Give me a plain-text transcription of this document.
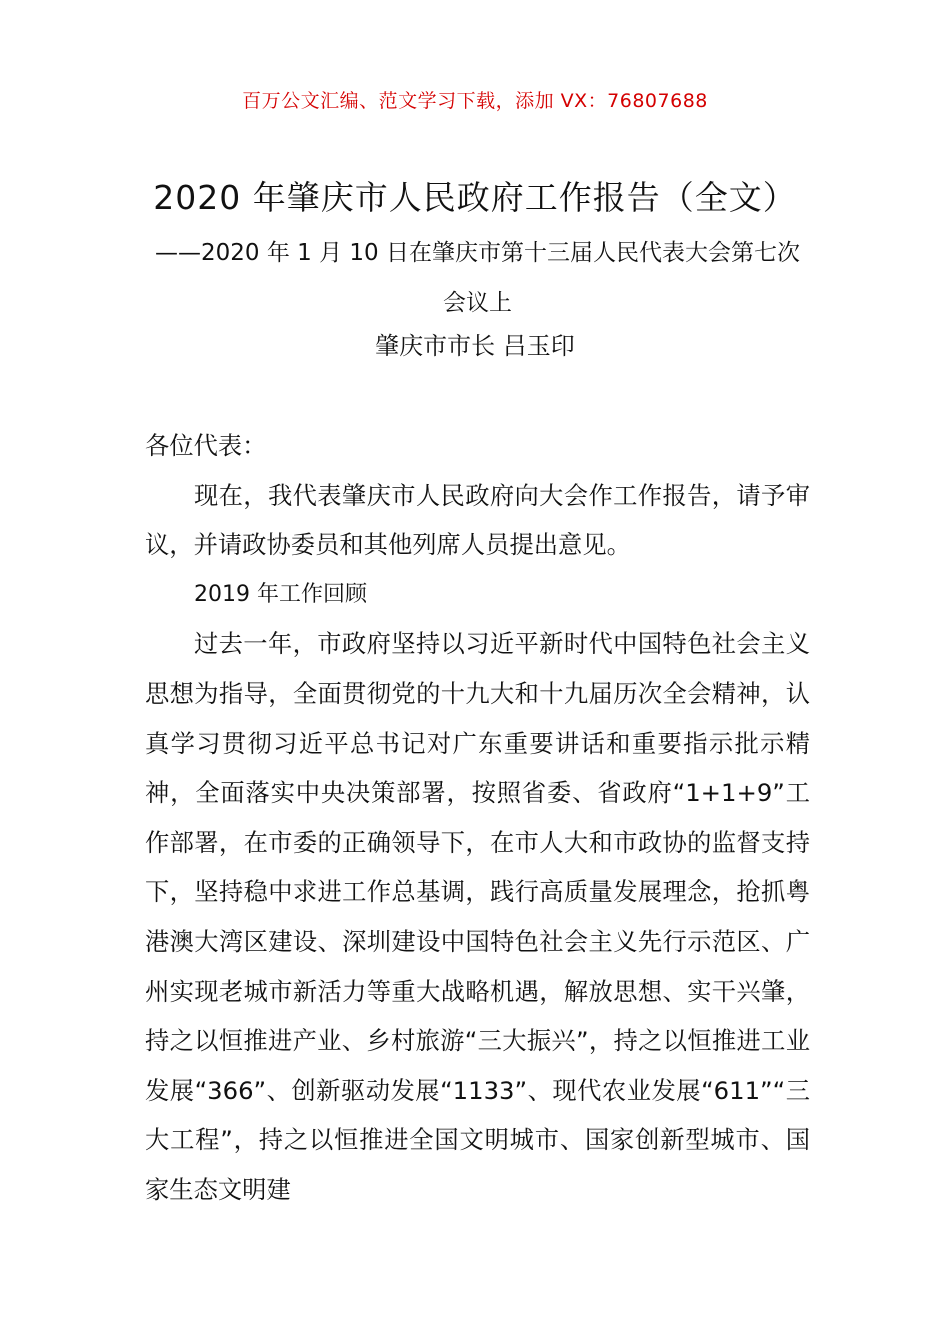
百万公文汇编、范文学习下载，添加 VX：76807688
2020 年肇庆市人民政府工作报告（全文）
——2020 年 1 月 10 日在肇庆市第十三届人民代表大会第七次会议上
肇庆市市长 吕玉印

各位代表：

现在，我代表肇庆市人民政府向大会作工作报告，请予审议，并请政协委员和其他列席人员提出意见。

2019 年工作回顾

过去一年，市政府坚持以习近平新时代中国特色社会主义思想为指导，全面贯彻党的十九大和十九届历次全会精神，认真学习贯彻习近平总书记对广东重要讲话和重要指示批示精神，全面落实中央决策部署，按照省委、省政府“1+1+9”工作部署，在市委的正确领导下，在市人大和市政协的监督支持下，坚持稳中求进工作总基调，践行高质量发展理念，抢抓粤港澳大湾区建设、深圳建设中国特色社会主义先行示范区、广州实现老城市新活力等重大战略机遇，解放思想、实干兴肇，持之以恒推进产业、乡村旅游“三大振兴”，持之以恒推进工业发展“366”、创新驱动发展“1133”、现代农业发展“611”“三大工程”，持之以恒推进全国文明城市、国家创新型城市、国家生态文明建
